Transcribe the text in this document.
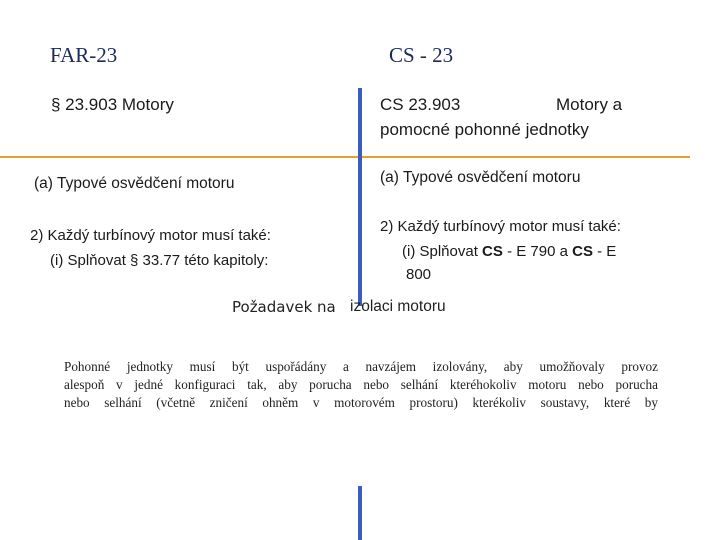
FAR-23	CS - 23
§ 23.903 Motory	CS 23.903	Motory a
pomocné pohonné jednotky
(a) Typové osvědčení motoru	(a) Typové osvědčení motoru
2) Každý turbínový motor musí také:
(i) Splňovat § 33.77 této kapitoly:
2) Každý turbínový motor musí také:
(i) Splňovat CS - E 790 a CS - E
800
Požadavek na izolaci motoru
Pohonné jednotky musí být uspořádány a navzájem izolovány, aby umožňovaly provoz
alespoň v jedné konfiguraci tak, aby porucha nebo selhání kteréhokoliv motoru nebo porucha
nebo selhání (včetně zničení ohněm v motorovém prostoru) kterékoliv soustavy, které by
